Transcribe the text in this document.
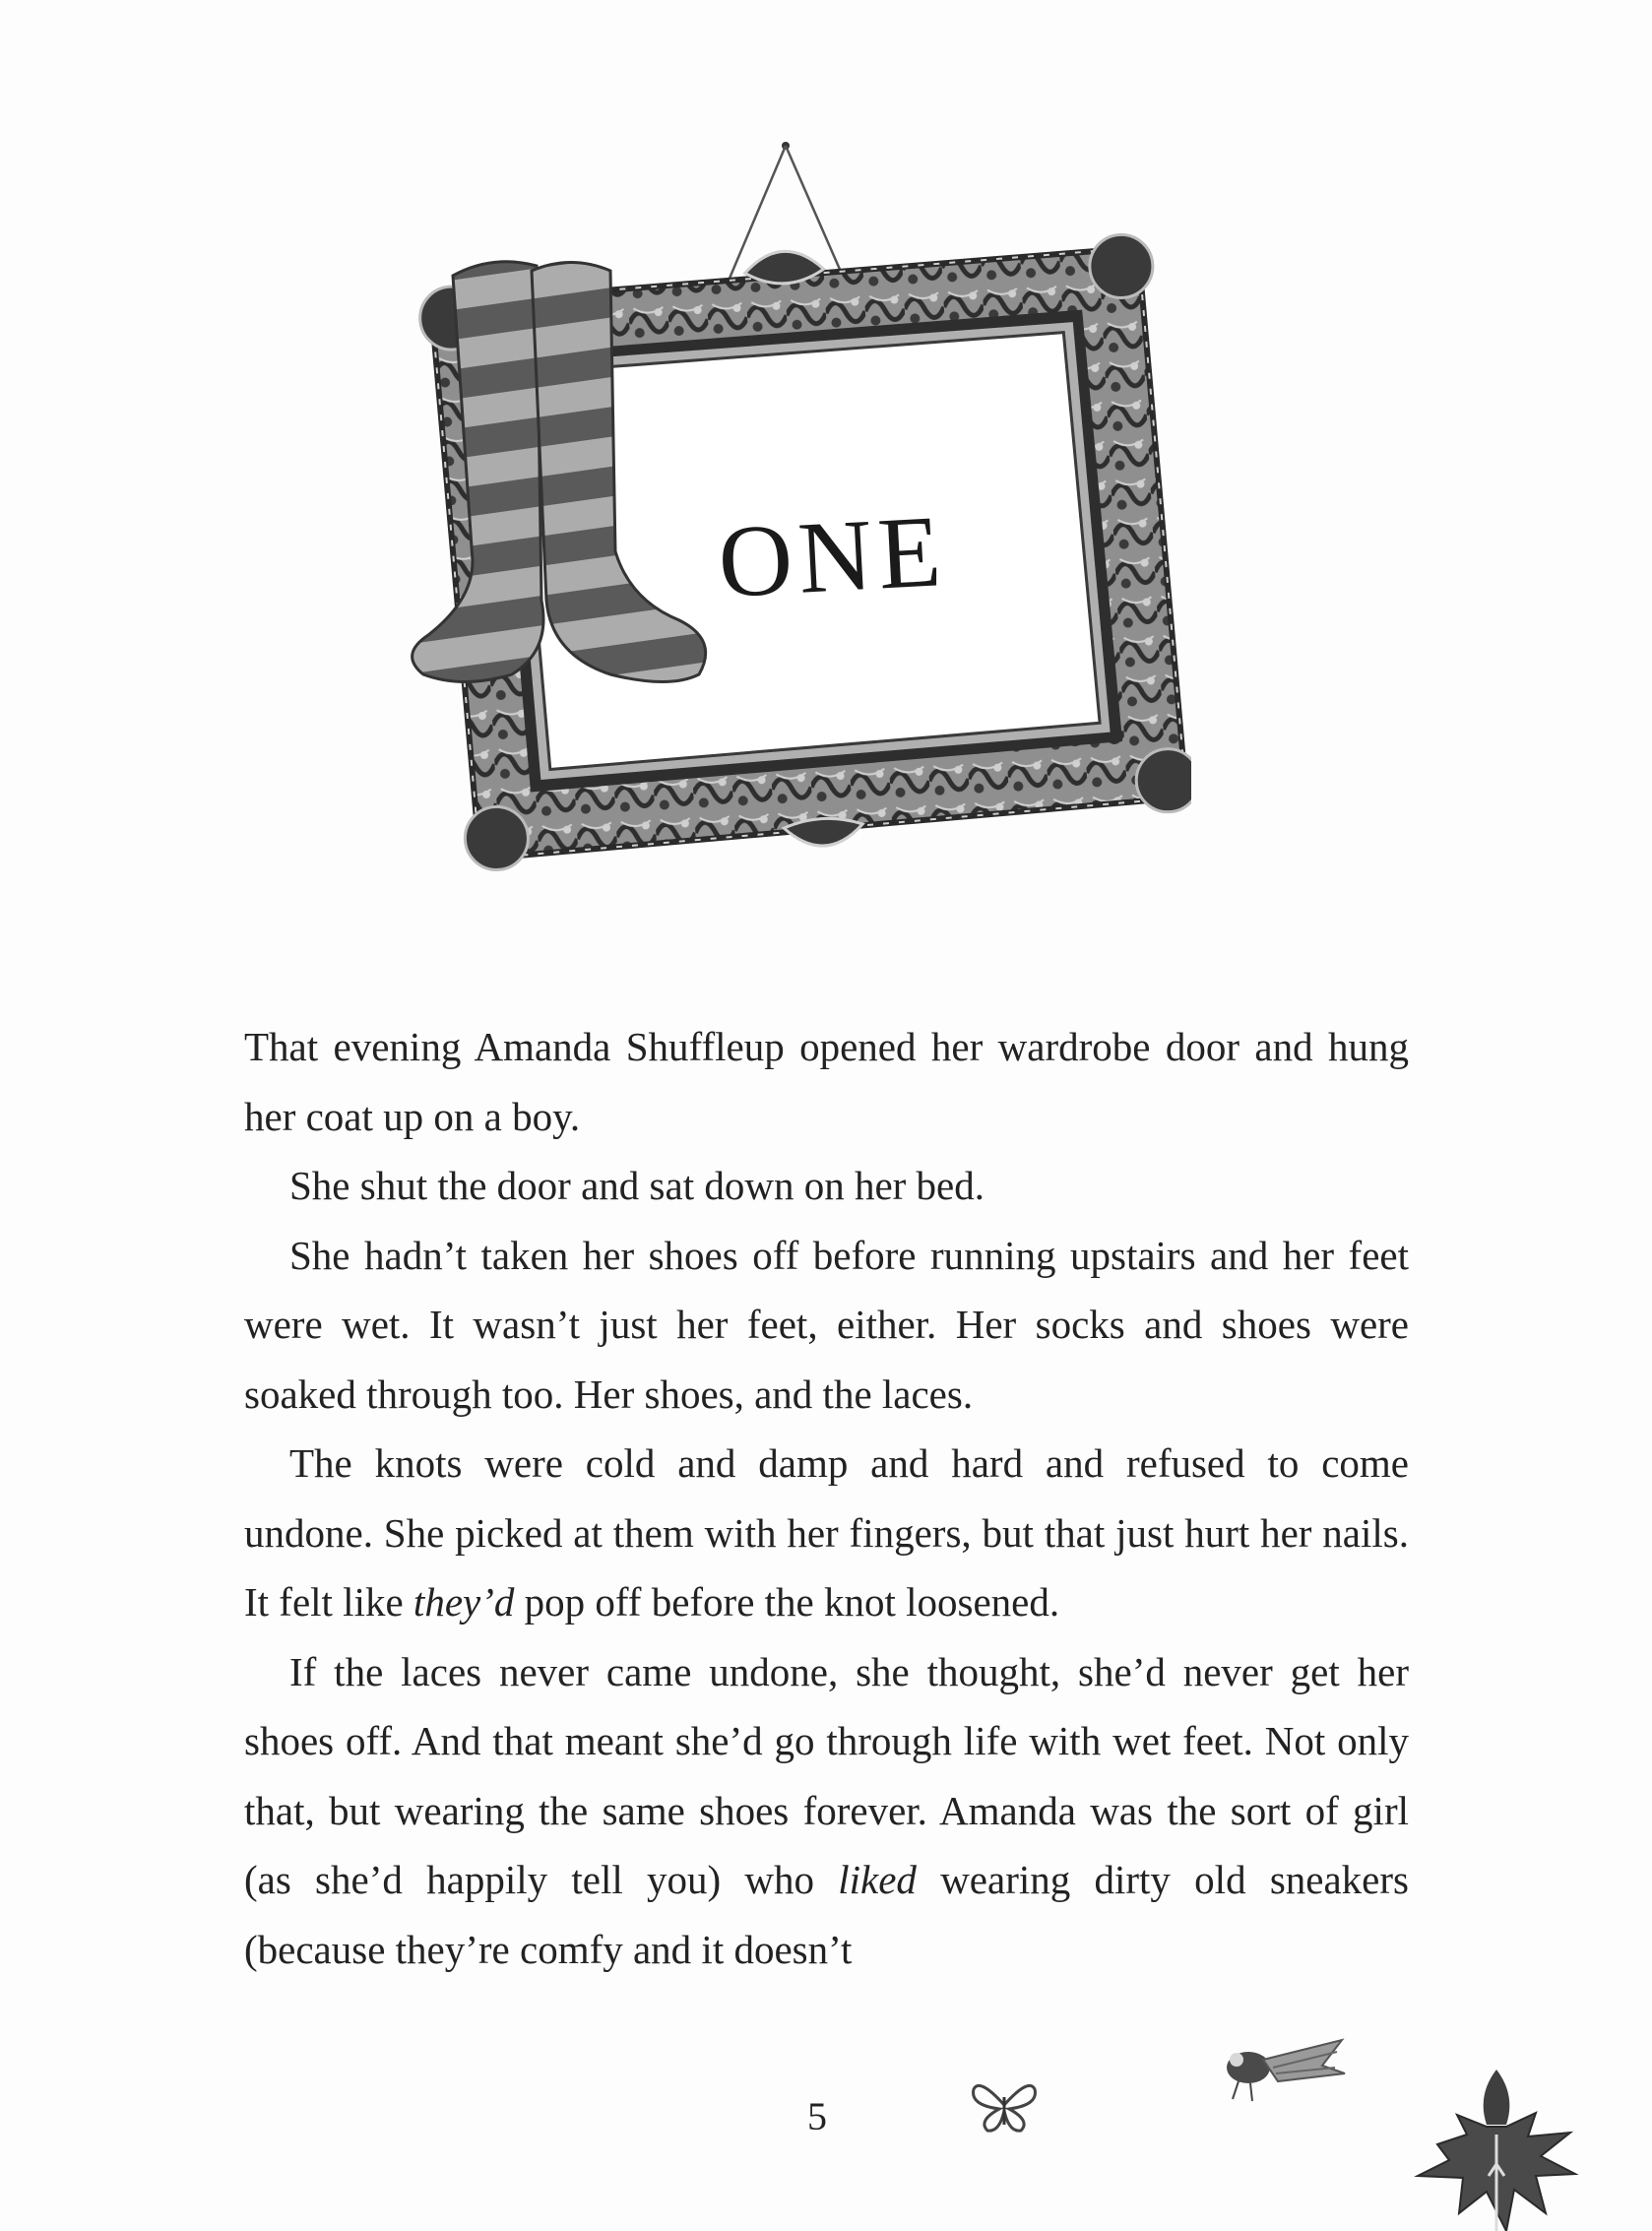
ONE

That evening Amanda Shuffleup opened her wardrobe door and hung her coat up on a boy.

She shut the door and sat down on her bed.

She hadn’t taken her shoes off before running upstairs and her feet were wet. It wasn’t just her feet, either. Her socks and shoes were soaked through too. Her shoes, and the laces.

The knots were cold and damp and hard and refused to come undone. She picked at them with her fingers, but that just hurt her nails. It felt like they’d pop off before the knot loosened.

If the laces never came undone, she thought, she’d never get her shoes off. And that meant she’d go through life with wet feet. Not only that, but wearing the same shoes forever. Amanda was the sort of girl (as she’d happily tell you) who liked wearing dirty old sneakers (because they’re comfy and it doesn’t

5
